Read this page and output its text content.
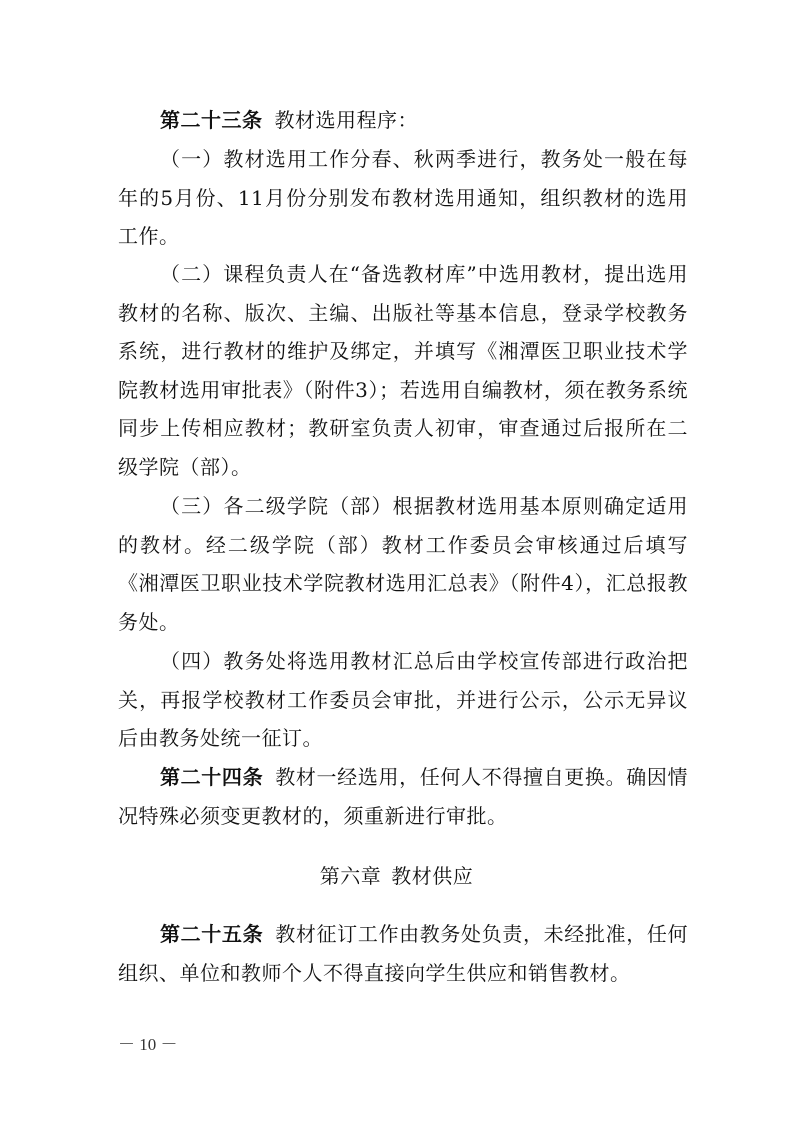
第二十三条 教材选用程序：

（一）教材选用工作分春、秋两季进行，教务处一般在每年的5月份、11月份分别发布教材选用通知，组织教材的选用工作。

（二）课程负责人在“备选教材库”中选用教材，提出选用教材的名称、版次、主编、出版社等基本信息，登录学校教务系统，进行教材的维护及绑定，并填写《湘潭医卫职业技术学院教材选用审批表》（附件3）；若选用自编教材，须在教务系统同步上传相应教材；教研室负责人初审，审查通过后报所在二级学院（部）。

（三）各二级学院（部）根据教材选用基本原则确定适用的教材。经二级学院（部）教材工作委员会审核通过后填写《湘潭医卫职业技术学院教材选用汇总表》（附件4），汇总报教务处。

（四）教务处将选用教材汇总后由学校宣传部进行政治把关，再报学校教材工作委员会审批，并进行公示，公示无异议后由教务处统一征订。

第二十四条 教材一经选用，任何人不得擅自更换。确因情况特殊必须变更教材的，须重新进行审批。

第六章 教材供应

第二十五条 教材征订工作由教务处负责，未经批准，任何组织、单位和教师个人不得直接向学生供应和销售教材。

－ 10 －
